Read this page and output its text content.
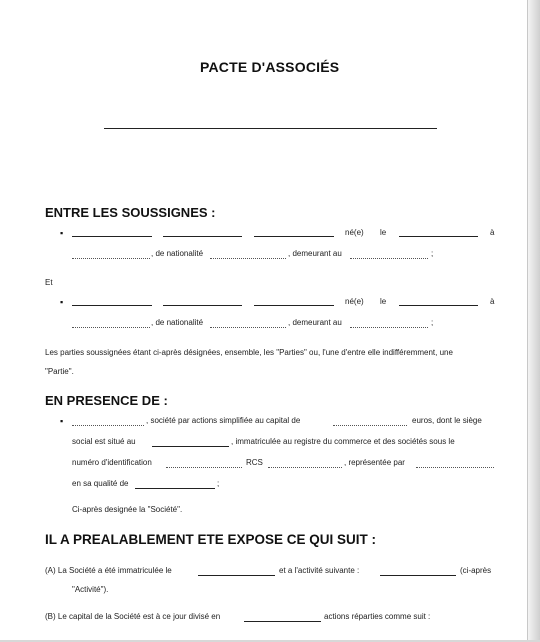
PACTE D'ASSOCIÉS
ENTRE LES SOUSSIGNES :
▪	né(e) le	à
, de nationalité	, demeurant au	;
Et
▪	né(e) le	à
, de nationalité	, demeurant au	;
Les parties soussignées étant ci-après désignées, ensemble, les "Parties" ou, l'une d'entre elle indifféremment, une
"Partie".
EN PRESENCE DE :
▪	, société par actions simplifiée au capital de	euros, dont le siège
social est situé au	, immatriculée au registre du commerce et des sociétés sous le
numéro d'identification	RCS	, représentée par
en sa qualité de	;
Ci-après designée la "Société".
IL A PREALABLEMENT ETE EXPOSE CE QUI SUIT :
(A) La Société a été immatriculée le	et a l'activité suivante :	(ci-après
"Activité").
(B) Le capital de la Société est à ce jour divisé en	actions réparties comme suit :
